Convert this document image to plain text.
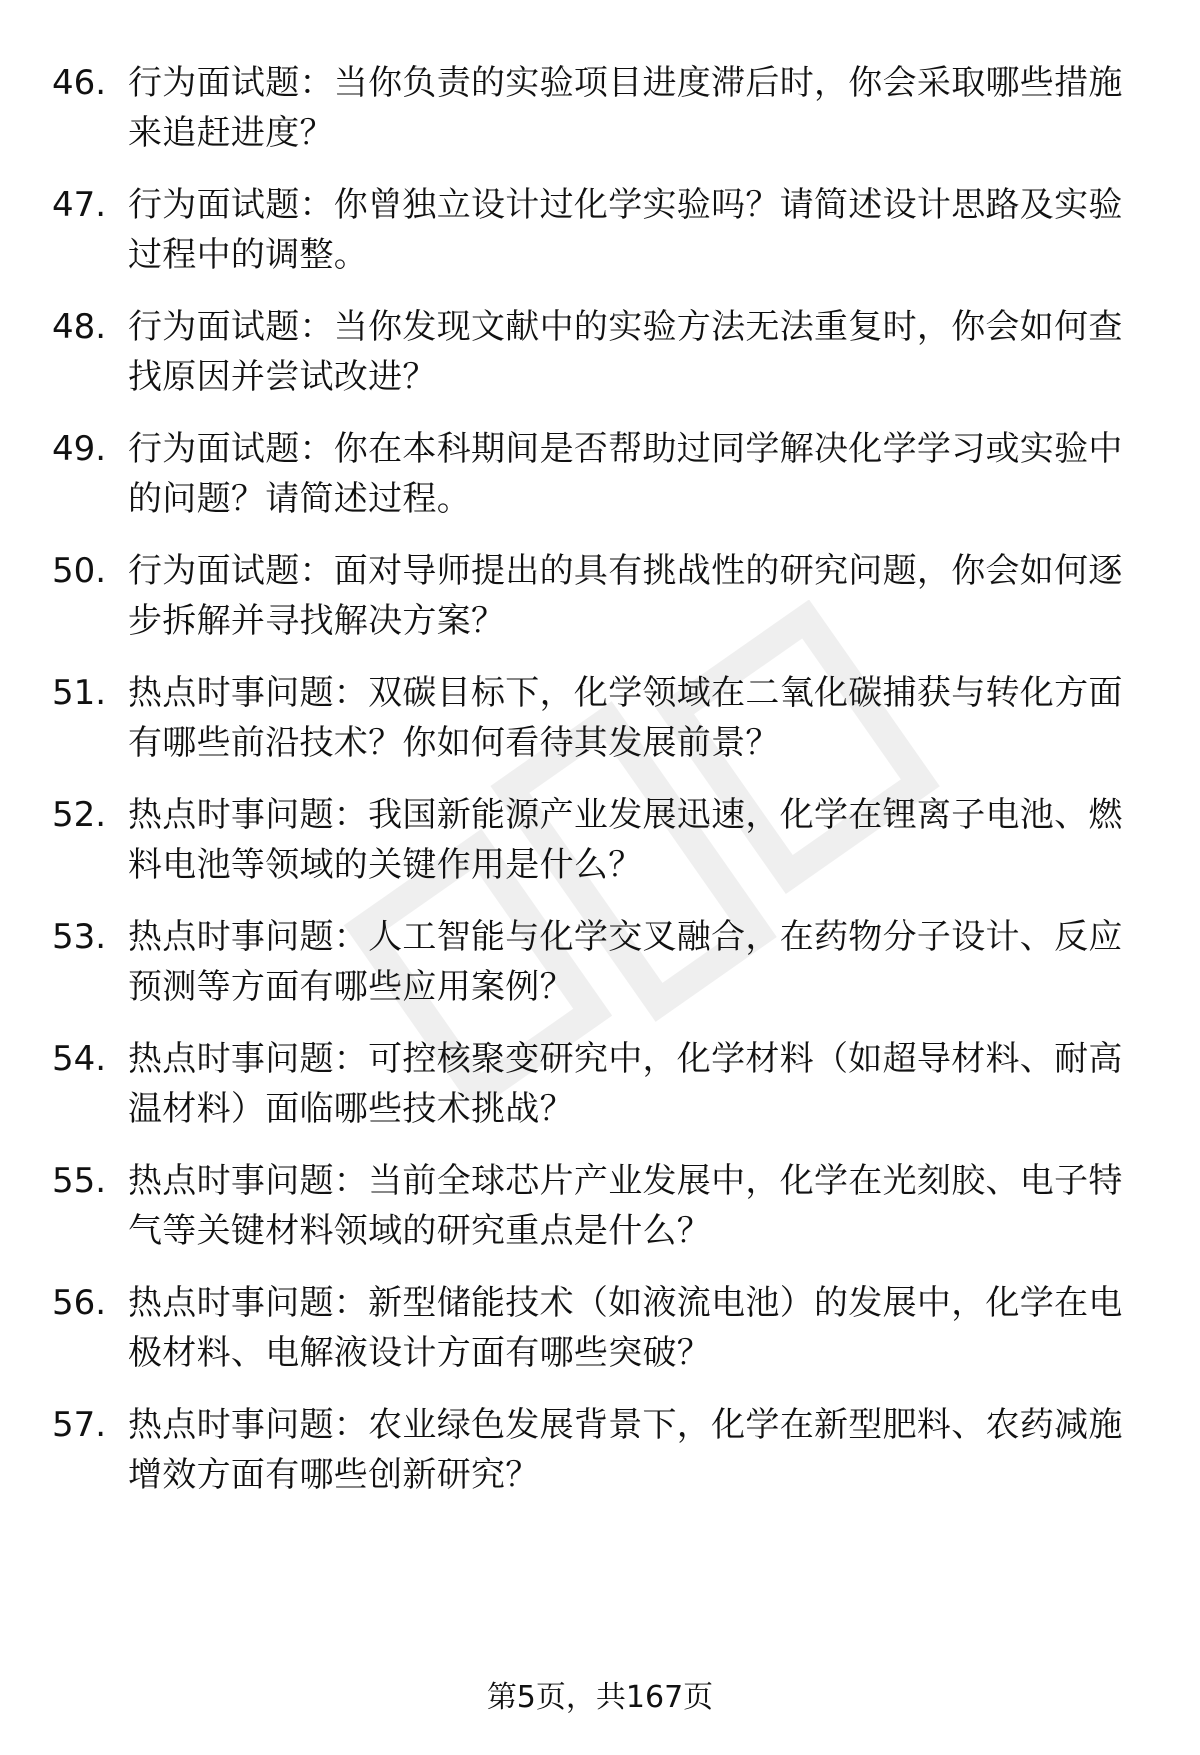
46. 行为面试题：当你负责的实验项目进度滞后时，你会采取哪些措施来追赶进度？
47. 行为面试题：你曾独立设计过化学实验吗？请简述设计思路及实验过程中的调整。
48. 行为面试题：当你发现文献中的实验方法无法重复时，你会如何查找原因并尝试改进？
49. 行为面试题：你在本科期间是否帮助过同学解决化学学习或实验中的问题？请简述过程。
50. 行为面试题：面对导师提出的具有挑战性的研究问题，你会如何逐步拆解并寻找解决方案？
51. 热点时事问题：双碳目标下，化学领域在二氧化碳捕获与转化方面有哪些前沿技术？你如何看待其发展前景？
52. 热点时事问题：我国新能源产业发展迅速，化学在锂离子电池、燃料电池等领域的关键作用是什么？
53. 热点时事问题：人工智能与化学交叉融合，在药物分子设计、反应预测等方面有哪些应用案例？
54. 热点时事问题：可控核聚变研究中，化学材料（如超导材料、耐高温材料）面临哪些技术挑战？
55. 热点时事问题：当前全球芯片产业发展中，化学在光刻胶、电子特气等关键材料领域的研究重点是什么？
56. 热点时事问题：新型储能技术（如液流电池）的发展中，化学在电极材料、电解液设计方面有哪些突破？
57. 热点时事问题：农业绿色发展背景下，化学在新型肥料、农药减施增效方面有哪些创新研究？
第5页，共167页
